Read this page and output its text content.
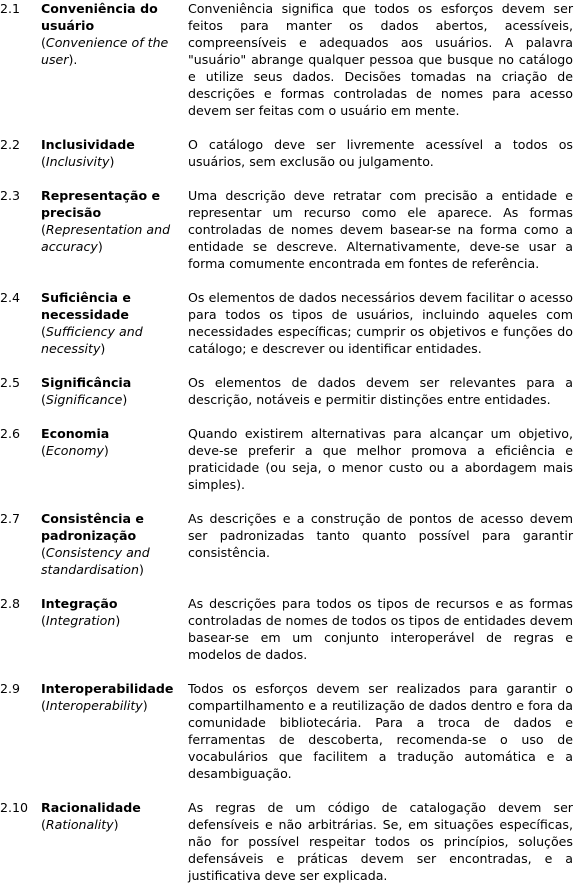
2.1	Conveniência do usuário
(Convenience of the user).
Conveniência significa que todos os esforços devem ser feitos para manter os dados abertos, acessíveis, compreensíveis e adequados aos usuários. A palavra "usuário" abrange qualquer pessoa que busque no catálogo e utilize seus dados. Decisões tomadas na criação de descrições e formas controladas de nomes para acesso devem ser feitas com o usuário em mente.
2.2	Inclusividade
(Inclusivity)
O catálogo deve ser livremente acessível a todos os usuários, sem exclusão ou julgamento.
2.3	Representação e precisão
(Representation and accuracy)
Uma descrição deve retratar com precisão a entidade e representar um recurso como ele aparece. As formas controladas de nomes devem basear-se na forma como a entidade se descreve. Alternativamente, deve-se usar a forma comumente encontrada em fontes de referência.
2.4	Suficiência e necessidade
(Sufficiency and necessity)
Os elementos de dados necessários devem facilitar o acesso para todos os tipos de usuários, incluindo aqueles com necessidades específicas; cumprir os objetivos e funções do catálogo; e descrever ou identificar entidades.
2.5	Significância
(Significance)
Os elementos de dados devem ser relevantes para a descrição, notáveis e permitir distinções entre entidades.
2.6	Economia
(Economy)
Quando existirem alternativas para alcançar um objetivo, deve-se preferir a que melhor promova a eficiência e praticidade (ou seja, o menor custo ou a abordagem mais simples).
2.7	Consistência e padronização
(Consistency and standardisation)
As descrições e a construção de pontos de acesso devem ser padronizadas tanto quanto possível para garantir consistência.
2.8	Integração
(Integration)
As descrições para todos os tipos de recursos e as formas controladas de nomes de todos os tipos de entidades devem basear-se em um conjunto interoperável de regras e modelos de dados.
2.9	Interoperabilidade
(Interoperability)
Todos os esforços devem ser realizados para garantir o compartilhamento e a reutilização de dados dentro e fora da comunidade bibliotecária. Para a troca de dados e ferramentas de descoberta, recomenda-se o uso de vocabulários que facilitem a tradução automática e a desambiguação.
2.10	Racionalidade
(Rationality)
As regras de um código de catalogação devem ser defensíveis e não arbitrárias. Se, em situações específicas, não for possível respeitar todos os princípios, soluções defensáveis e práticas devem ser encontradas, e a justificativa deve ser explicada.
